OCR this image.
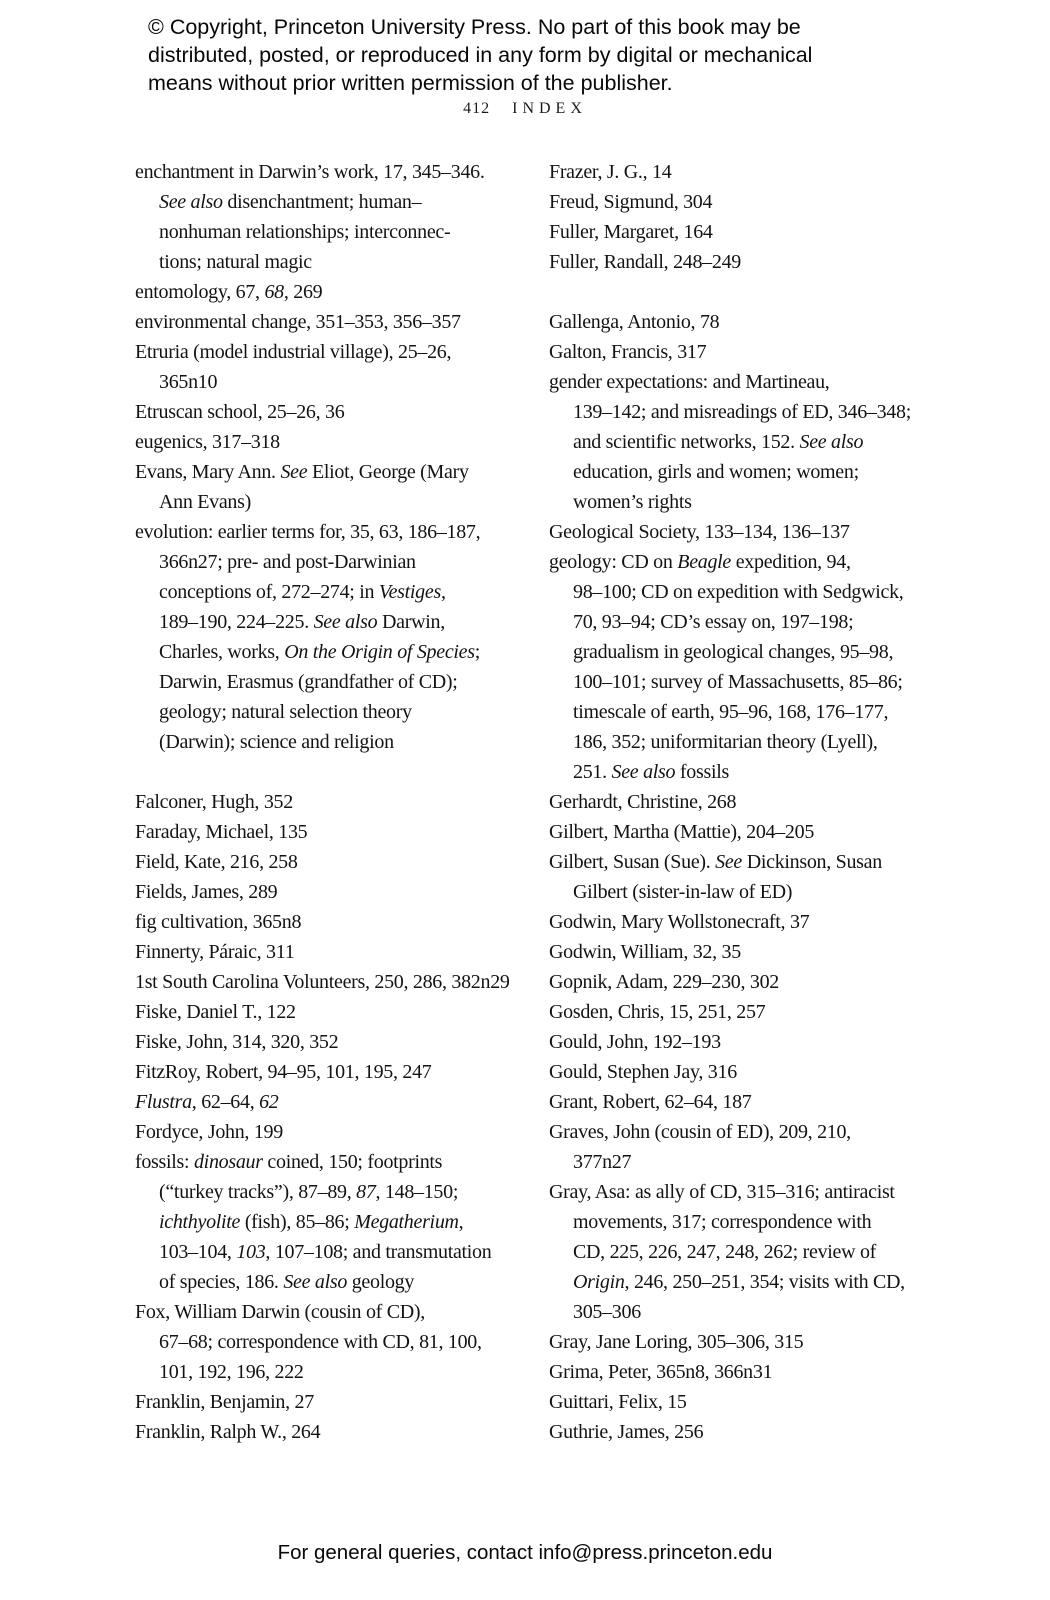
© Copyright, Princeton University Press. No part of this book may be
distributed, posted, or reproduced in any form by digital or mechanical
means without prior written permission of the publisher.
412 INDEX
enchantment in Darwin’s work, 17, 345–346.
See also disenchantment; human–
nonhuman relationships; interconnec-
tions; natural magic
entomology, 67, 68, 269
environmental change, 351–353, 356–357
Etruria (model industrial village), 25–26,
365n10
Etruscan school, 25–26, 36
eugenics, 317–318
Evans, Mary Ann. See Eliot, George (Mary
Ann Evans)
evolution: earlier terms for, 35, 63, 186–187,
366n27; pre- and post-Darwinian
conceptions of, 272–274; in Vestiges,
189–190, 224–225. See also Darwin,
Charles, works, On the Origin of Species;
Darwin, Erasmus (grandfather of CD);
geology; natural selection theory
(Darwin); science and religion
Falconer, Hugh, 352
Faraday, Michael, 135
Field, Kate, 216, 258
Fields, James, 289
fig cultivation, 365n8
Finnerty, Páraic, 311
1st South Carolina Volunteers, 250, 286, 382n29
Fiske, Daniel T., 122
Fiske, John, 314, 320, 352
FitzRoy, Robert, 94–95, 101, 195, 247
Flustra, 62–64, 62
Fordyce, John, 199
fossils: dinosaur coined, 150; footprints
(“turkey tracks”), 87–89, 87, 148–150;
ichthyolite (fish), 85–86; Megatherium,
103–104, 103, 107–108; and transmutation
of species, 186. See also geology
Fox, William Darwin (cousin of CD),
67–68; correspondence with CD, 81, 100,
101, 192, 196, 222
Franklin, Benjamin, 27
Franklin, Ralph W., 264
Frazer, J. G., 14
Freud, Sigmund, 304
Fuller, Margaret, 164
Fuller, Randall, 248–249
Gallenga, Antonio, 78
Galton, Francis, 317
gender expectations: and Martineau,
139–142; and misreadings of ED, 346–348;
and scientific networks, 152. See also
education, girls and women; women;
women’s rights
Geological Society, 133–134, 136–137
geology: CD on Beagle expedition, 94,
98–100; CD on expedition with Sedgwick,
70, 93–94; CD’s essay on, 197–198;
gradualism in geological changes, 95–98,
100–101; survey of Massachusetts, 85–86;
timescale of earth, 95–96, 168, 176–177,
186, 352; uniformitarian theory (Lyell),
251. See also fossils
Gerhardt, Christine, 268
Gilbert, Martha (Mattie), 204–205
Gilbert, Susan (Sue). See Dickinson, Susan
Gilbert (sister-in-law of ED)
Godwin, Mary Wollstonecraft, 37
Godwin, William, 32, 35
Gopnik, Adam, 229–230, 302
Gosden, Chris, 15, 251, 257
Gould, John, 192–193
Gould, Stephen Jay, 316
Grant, Robert, 62–64, 187
Graves, John (cousin of ED), 209, 210,
377n27
Gray, Asa: as ally of CD, 315–316; antiracist
movements, 317; correspondence with
CD, 225, 226, 247, 248, 262; review of
Origin, 246, 250–251, 354; visits with CD,
305–306
Gray, Jane Loring, 305–306, 315
Grima, Peter, 365n8, 366n31
Guittari, Felix, 15
Guthrie, James, 256
For general queries, contact info@press.princeton.edu
